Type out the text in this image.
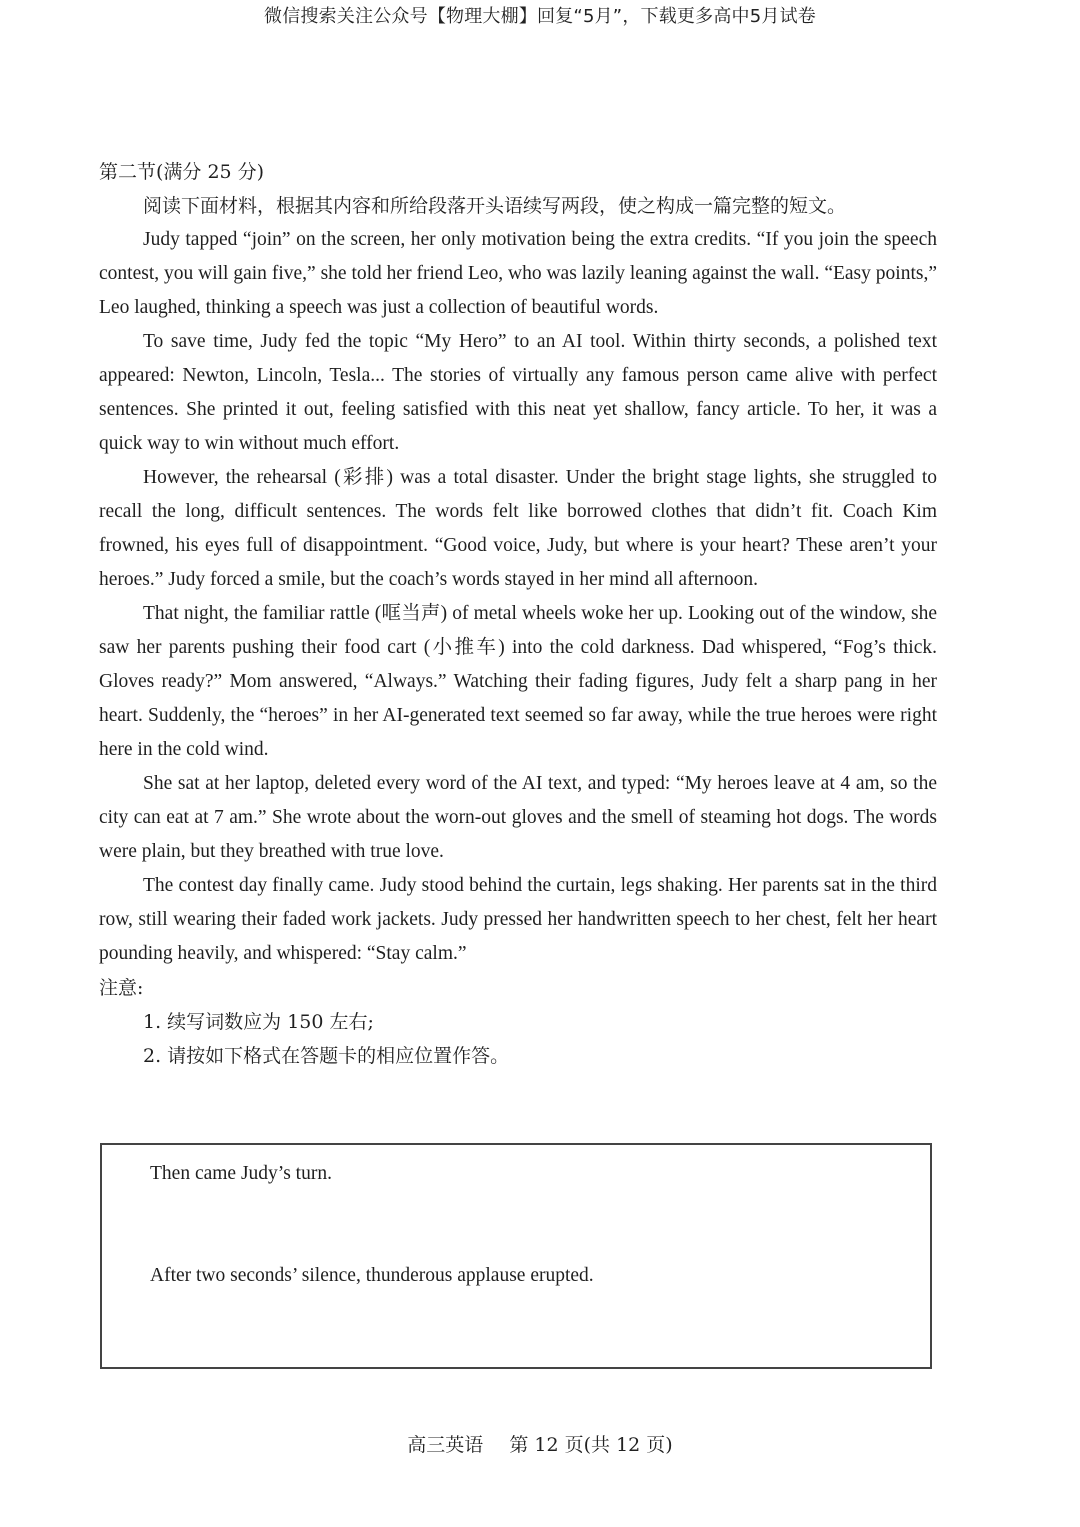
微信搜索关注公众号【物理大棚】回复“5月”，下载更多高中5月试卷

第二节(满分 25 分)

阅读下面材料，根据其内容和所给段落开头语续写两段，使之构成一篇完整的短文。

Judy tapped “join” on the screen, her only motivation being the extra credits. “If you join the speech contest, you will gain five,” she told her friend Leo, who was lazily leaning against the wall. “Easy points,” Leo laughed, thinking a speech was just a collection of beautiful words.

To save time, Judy fed the topic “My Hero” to an AI tool. Within thirty seconds, a polished text appeared: Newton, Lincoln, Tesla... The stories of virtually any famous person came alive with perfect sentences. She printed it out, feeling satisfied with this neat yet shallow, fancy article. To her, it was a quick way to win without much effort.

However, the rehearsal (彩排) was a total disaster. Under the bright stage lights, she struggled to recall the long, difficult sentences. The words felt like borrowed clothes that didn’t fit. Coach Kim frowned, his eyes full of disappointment. “Good voice, Judy, but where is your heart? These aren’t your heroes.” Judy forced a smile, but the coach’s words stayed in her mind all afternoon.

That night, the familiar rattle (哐当声) of metal wheels woke her up. Looking out of the window, she saw her parents pushing their food cart (小推车) into the cold darkness. Dad whispered, “Fog’s thick. Gloves ready?” Mom answered, “Always.” Watching their fading figures, Judy felt a sharp pang in her heart. Suddenly, the “heroes” in her AI-generated text seemed so far away, while the true heroes were right here in the cold wind.

She sat at her laptop, deleted every word of the AI text, and typed: “My heroes leave at 4 am, so the city can eat at 7 am.” She wrote about the worn-out gloves and the smell of steaming hot dogs. The words were plain, but they breathed with true love.

The contest day finally came. Judy stood behind the curtain, legs shaking. Her parents sat in the third row, still wearing their faded work jackets. Judy pressed her handwritten speech to her chest, felt her heart pounding heavily, and whispered: “Stay calm.”

注意:

1. 续写词数应为 150 左右;

2. 请按如下格式在答题卡的相应位置作答。

Then came Judy’s turn.
After two seconds’ silence, thunderous applause erupted.
高三英语 第 12 页(共 12 页)
